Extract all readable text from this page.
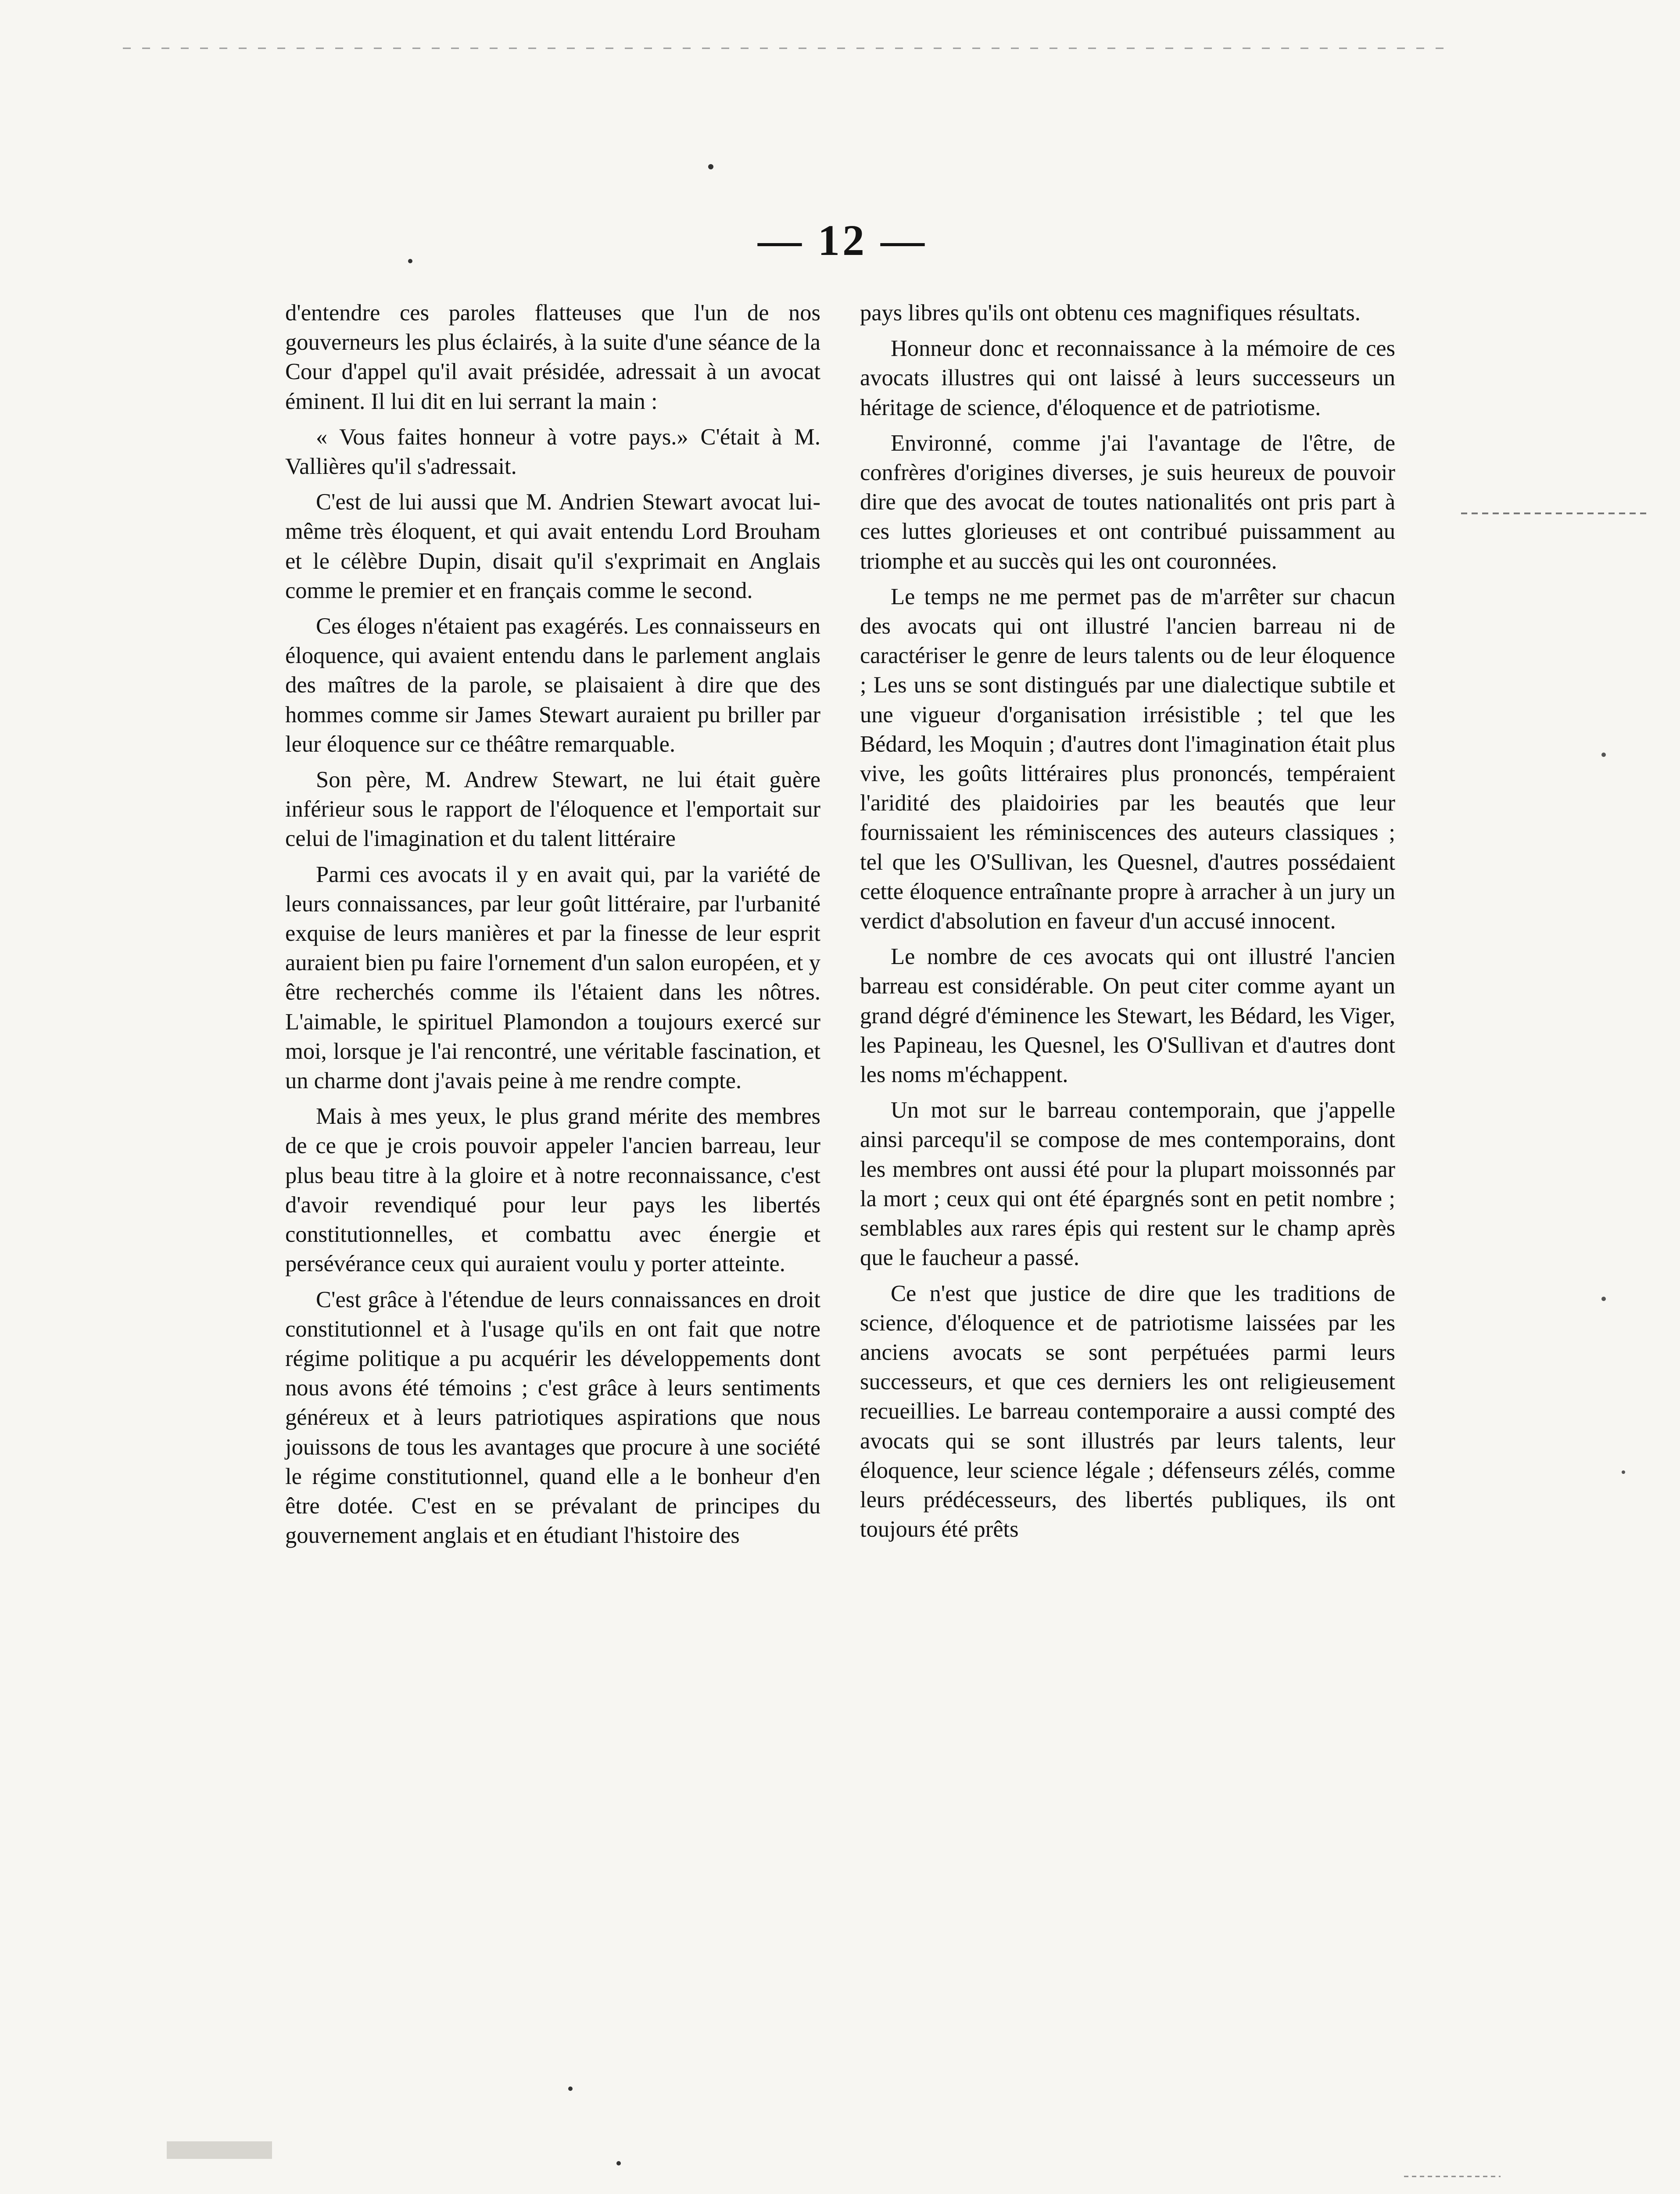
— 12 —

d'entendre ces paroles flatteuses que l'un de nos gouverneurs les plus éclairés, à la suite d'une séance de la Cour d'appel qu'il avait présidée, adressait à un avocat éminent. Il lui dit en lui serrant la main :

« Vous faites honneur à votre pays.» C'était à M. Vallières qu'il s'adressait.

C'est de lui aussi que M. Andrien Stewart avocat lui-même très éloquent, et qui avait entendu Lord Brouham et le célèbre Dupin, disait qu'il s'exprimait en Anglais comme le premier et en français comme le second.

Ces éloges n'étaient pas exagérés. Les connaisseurs en éloquence, qui avaient entendu dans le parlement anglais des maîtres de la parole, se plaisaient à dire que des hommes comme sir James Stewart auraient pu briller par leur éloquence sur ce théâtre remarquable.

Son père, M. Andrew Stewart, ne lui était guère inférieur sous le rapport de l'éloquence et l'emportait sur celui de l'imagination et du talent littéraire

Parmi ces avocats il y en avait qui, par la variété de leurs connaissances, par leur goût littéraire, par l'urbanité exquise de leurs manières et par la finesse de leur esprit auraient bien pu faire l'ornement d'un salon européen, et y être recherchés comme ils l'étaient dans les nôtres. L'aimable, le spirituel Plamondon a toujours exercé sur moi, lorsque je l'ai rencontré, une véritable fascination, et un charme dont j'avais peine à me rendre compte.

Mais à mes yeux, le plus grand mérite des membres de ce que je crois pouvoir appeler l'ancien barreau, leur plus beau titre à la gloire et à notre reconnaissance, c'est d'avoir revendiqué pour leur pays les libertés constitutionnelles, et combattu avec énergie et persévérance ceux qui auraient voulu y porter atteinte.

C'est grâce à l'étendue de leurs connaissances en droit constitutionnel et à l'usage qu'ils en ont fait que notre régime politique a pu acquérir les développements dont nous avons été témoins ; c'est grâce à leurs sentiments généreux et à leurs patriotiques aspirations que nous jouissons de tous les avantages que procure à une société le régime constitutionnel, quand elle a le bonheur d'en être dotée. C'est en se prévalant de principes du gouvernement anglais et en étudiant l'histoire des

pays libres qu'ils ont obtenu ces magnifiques résultats.

Honneur donc et reconnaissance à la mémoire de ces avocats illustres qui ont laissé à leurs successeurs un héritage de science, d'éloquence et de patriotisme.

Environné, comme j'ai l'avantage de l'être, de confrères d'origines diverses, je suis heureux de pouvoir dire que des avocat de toutes nationalités ont pris part à ces luttes glorieuses et ont contribué puissamment au triomphe et au succès qui les ont couronnées.

Le temps ne me permet pas de m'arrêter sur chacun des avocats qui ont illustré l'ancien barreau ni de caractériser le genre de leurs talents ou de leur éloquence ; Les uns se sont distingués par une dialectique subtile et une vigueur d'organisation irrésistible ; tel que les Bédard, les Moquin ; d'autres dont l'imagination était plus vive, les goûts littéraires plus prononcés, tempéraient l'aridité des plaidoiries par les beautés que leur fournissaient les réminiscences des auteurs classiques ; tel que les O'Sullivan, les Quesnel, d'autres possédaient cette éloquence entraînante propre à arracher à un jury un verdict d'absolution en faveur d'un accusé innocent.

Le nombre de ces avocats qui ont illustré l'ancien barreau est considérable. On peut citer comme ayant un grand dégré d'éminence les Stewart, les Bédard, les Viger, les Papineau, les Quesnel, les O'Sullivan et d'autres dont les noms m'échappent.

Un mot sur le barreau contemporain, que j'appelle ainsi parcequ'il se compose de mes contemporains, dont les membres ont aussi été pour la plupart moissonnés par la mort ; ceux qui ont été épargnés sont en petit nombre ; semblables aux rares épis qui restent sur le champ après que le faucheur a passé.

Ce n'est que justice de dire que les traditions de science, d'éloquence et de patriotisme laissées par les anciens avocats se sont perpétuées parmi leurs successeurs, et que ces derniers les ont religieusement recueillies. Le barreau contemporaire a aussi compté des avocats qui se sont illustrés par leurs talents, leur éloquence, leur science légale ; défenseurs zélés, comme leurs prédécesseurs, des libertés publiques, ils ont toujours été prêts
